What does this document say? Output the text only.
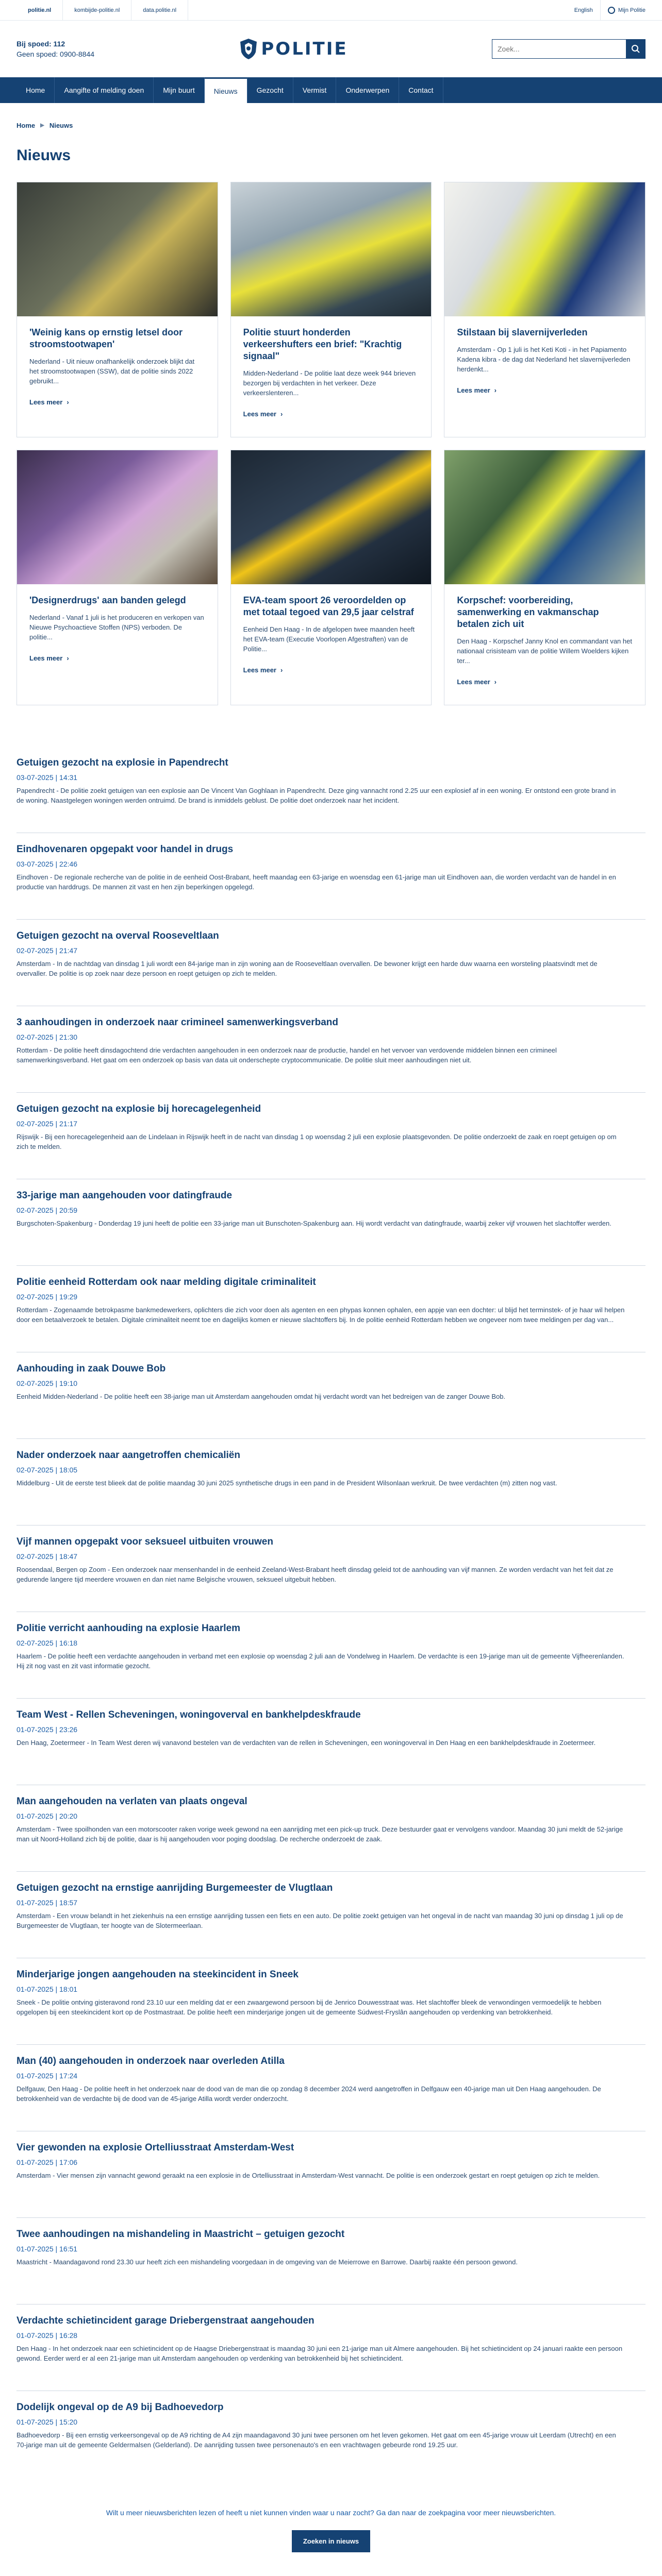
politie.nl	kombijde-politie.nl	data.politie.nl	English	Mijn Politie
Bij spoed: 112
Geen spoed: 0900-8844	POLITIE
Zoek...
Home	Aangifte of melding doen	Mijn buurt	Nieuws	Gezocht	Vermist	Onderwerpen	Contact
Home ▶ Nieuws
Nieuws
'Weinig kans op ernstig letsel door stroomstootwapen'
Nederland - Uit nieuw onafhankelijk onderzoek blijkt dat het stroomstootwapen (SSW), dat de politie sinds 2022 gebruikt...
Lees meer ›
Politie stuurt honderden verkeershufters een brief: "Krachtig signaal"
Midden-Nederland - De politie laat deze week 944 brieven bezorgen bij verdachten in het verkeer. Deze verkeerslenteren...
Lees meer ›
Stilstaan bij slavernijverleden
Amsterdam - Op 1 juli is het Keti Koti - in het Papiamento Kadena kibra - de dag dat Nederland het slavernijverleden herdenkt...
Lees meer ›
'Designerdrugs' aan banden gelegd
Nederland - Vanaf 1 juli is het produceren en verkopen van Nieuwe Psychoactieve Stoffen (NPS) verboden. De politie...
Lees meer ›
EVA-team spoort 26 veroordelden op met totaal tegoed van 29,5 jaar celstraf
Eenheid Den Haag - In de afgelopen twee maanden heeft het EVA-team (Executie Voorlopen Afgestraften) van de Politie...
Lees meer ›
Korpschef: voorbereiding, samenwerking en vakmanschap betalen zich uit
Den Haag - Korpschef Janny Knol en commandant van het nationaal crisisteam van de politie Willem Woelders kijken ter...
Lees meer ›
Getuigen gezocht na explosie in Papendrecht
03-07-2025 | 14:31
Papendrecht - De politie zoekt getuigen van een explosie aan De Vincent Van Goghlaan in Papendrecht. Deze ging vannacht rond 2.25 uur een explosief af in een woning. Er ontstond een grote brand in de woning. Naastgelegen woningen werden ontruimd. De brand is inmiddels geblust. De politie doet onderzoek naar het incident.
Eindhovenaren opgepakt voor handel in drugs
03-07-2025 | 22:46
Eindhoven - De regionale recherche van de politie in de eenheid Oost-Brabant, heeft maandag een 63-jarige en woensdag een 61-jarige man uit Eindhoven aan, die worden verdacht van de handel in en productie van harddrugs. De mannen zit vast en hen zijn beperkingen opgelegd.
Getuigen gezocht na overval Rooseveltlaan
02-07-2025 | 21:47
Amsterdam - In de nachtdag van dinsdag 1 juli wordt een 84-jarige man in zijn woning aan de Rooseveltlaan overvallen. De bewoner krijgt een harde duw waarna een worsteling plaatsvindt met de overvaller. De politie is op zoek naar deze persoon en roept getuigen op zich te melden.
3 aanhoudingen in onderzoek naar crimineel samenwerkingsverband
02-07-2025 | 21:30
Rotterdam - De politie heeft dinsdagochtend drie verdachten aangehouden in een onderzoek naar de productie, handel en het vervoer van verdovende middelen binnen een crimineel samenwerkingsverband. Het gaat om een onderzoek op basis van data uit onderschepte cryptocommunicatie. De politie sluit meer aanhoudingen niet uit.
Getuigen gezocht na explosie bij horecagelegenheid
02-07-2025 | 21:17
Rijswijk - Bij een horecagelegenheid aan de Lindelaan in Rijswijk heeft in de nacht van dinsdag 1 op woensdag 2 juli een explosie plaatsgevonden. De politie onderzoekt de zaak en roept getuigen op om zich te melden.
33-jarige man aangehouden voor datingfraude
02-07-2025 | 20:59
Burgschoten-Spakenburg - Donderdag 19 juni heeft de politie een 33-jarige man uit Bunschoten-Spakenburg aan. Hij wordt verdacht van datingfraude, waarbij zeker vijf vrouwen het slachtoffer werden.
Politie eenheid Rotterdam ook naar melding digitale criminaliteit
02-07-2025 | 19:29
Rotterdam - Zogenaamde betrokpasme bankmedewerkers, oplichters die zich voor doen als agenten en een phypas konnen ophalen, een appje van een dochter: ul blijd het terminstek- of je haar wil helpen door een betaalverzoek te betalen. Digitale criminaliteit neemt toe en dagelijks komen er nieuwe slachtoffers bij. In de politie eenheid Rotterdam hebben we ongeveer nom twee meldingen per dag van...
Aanhouding in zaak Douwe Bob
02-07-2025 | 19:10
Eenheid Midden-Nederland - De politie heeft een 38-jarige man uit Amsterdam aangehouden omdat hij verdacht wordt van het bedreigen van de zanger Douwe Bob.
Nader onderzoek naar aangetroffen chemicaliën
02-07-2025 | 18:05
Middelburg - Uit de eerste test blieek dat de politie maandag 30 juni 2025 synthetische drugs in een pand in de President Wilsonlaan werkruit. De twee verdachten (m) zitten nog vast.
Vijf mannen opgepakt voor seksueel uitbuiten vrouwen
02-07-2025 | 18:47
Roosendaal, Bergen op Zoom - Een onderzoek naar mensenhandel in de eenheid Zeeland-West-Brabant heeft dinsdag geleid tot de aanhouding van vijf mannen. Ze worden verdacht van het feit dat ze gedurende langere tijd meerdere vrouwen en dan niet name Belgische vrouwen, seksueel uitgebuit hebben.
Politie verricht aanhouding na explosie Haarlem
02-07-2025 | 16:18
Haarlem - De politie heeft een verdachte aangehouden in verband met een explosie op woensdag 2 juli aan de Vondelweg in Haarlem. De verdachte is een 19-jarige man uit de gemeente Vijfheerenlanden. Hij zit nog vast en zit vast informatie gezocht.
Team West - Rellen Scheveningen, woningoverval en bankhelpdeskfraude
01-07-2025 | 23:26
Den Haag, Zoetermeer - In Team West deren wij vanavond bestelen van de verdachten van de rellen in Scheveningen, een woningoverval in Den Haag en een bankhelpdeskfraude in Zoetermeer.
Man aangehouden na verlaten van plaats ongeval
01-07-2025 | 20:20
Amsterdam - Twee spoilhonden van een motorscooter raken vorige week gewond na een aanrijding met een pick-up truck. Deze bestuurder gaat er vervolgens vandoor. Maandag 30 juni meldt de 52-jarige man uit Noord-Holland zich bij de politie, daar is hij aangehouden voor poging doodslag. De recherche onderzoekt de zaak.
Getuigen gezocht na ernstige aanrijding Burgemeester de Vlugtlaan
01-07-2025 | 18:57
Amsterdam - Een vrouw belandt in het ziekenhuis na een ernstige aanrijding tussen een fiets en een auto. De politie zoekt getuigen van het ongeval in de nacht van maandag 30 juni op dinsdag 1 juli op de Burgemeester de Vlugtlaan, ter hoogte van de Slotermeerlaan.
Minderjarige jongen aangehouden na steekincident in Sneek
01-07-2025 | 18:01
Sneek - De politie ontving gisteravond rond 23.10 uur een melding dat er een zwaargewond persoon bij de Jenrico Douwesstraat was. Het slachtoffer bleek de verwondingen vermoedelijk te hebben opgelopen bij een steekincident kort op de Postmastraat. De politie heeft een minderjarige jongen uit de gemeente Súdwest-Fryslân aangehouden op verdenking van betrokkenheid.
Man (40) aangehouden in onderzoek naar overleden Atilla
01-07-2025 | 17:24
Delfgauw, Den Haag - De politie heeft in het onderzoek naar de dood van de man die op zondag 8 december 2024 werd aangetroffen in Delfgauw een 40-jarige man uit Den Haag aangehouden. De betrokkenheid van de verdachte bij de dood van de 45-jarige Atilla wordt verder onderzocht.
Vier gewonden na explosie Ortelliusstraat Amsterdam-West
01-07-2025 | 17:06
Amsterdam - Vier mensen zijn vannacht gewond geraakt na een explosie in de Ortelliusstraat in Amsterdam-West vannacht. De politie is een onderzoek gestart en roept getuigen op zich te melden.
Twee aanhoudingen na mishandeling in Maastricht – getuigen gezocht
01-07-2025 | 16:51
Maastricht - Maandagavond rond 23.30 uur heeft zich een mishandeling voorgedaan in de omgeving van de Meierrowe en Barrowe. Daarbij raakte één persoon gewond.
Verdachte schietincident garage Driebergenstraat aangehouden
01-07-2025 | 16:28
Den Haag - In het onderzoek naar een schietincident op de Haagse Driebergenstraat is maandag 30 juni een 21-jarige man uit Almere aangehouden. Bij het schietincident op 24 januari raakte een persoon gewond. Eerder werd er al een 21-jarige man uit Amsterdam aangehouden op verdenking van betrokkenheid bij het schietincident.
Dodelijk ongeval op de A9 bij Badhoevedorp
01-07-2025 | 15:20
Badhoevedorp - Bij een ernstig verkeersongeval op de A9 richting de A4 zijn maandagavond 30 juni twee personen om het leven gekomen. Het gaat om een 45-jarige vrouw uit Leerdam (Utrecht) en een 70-jarige man uit de gemeente Geldermalsen (Gelderland). De aanrijding tussen twee personenauto's en een vrachtwagen gebeurde rond 19.25 uur.
Wilt u meer nieuwsberichten lezen of heeft u niet kunnen vinden waar u naar zocht? Ga dan naar de zoekpagina voor meer nieuwsberichten.
Zoeken in nieuws
